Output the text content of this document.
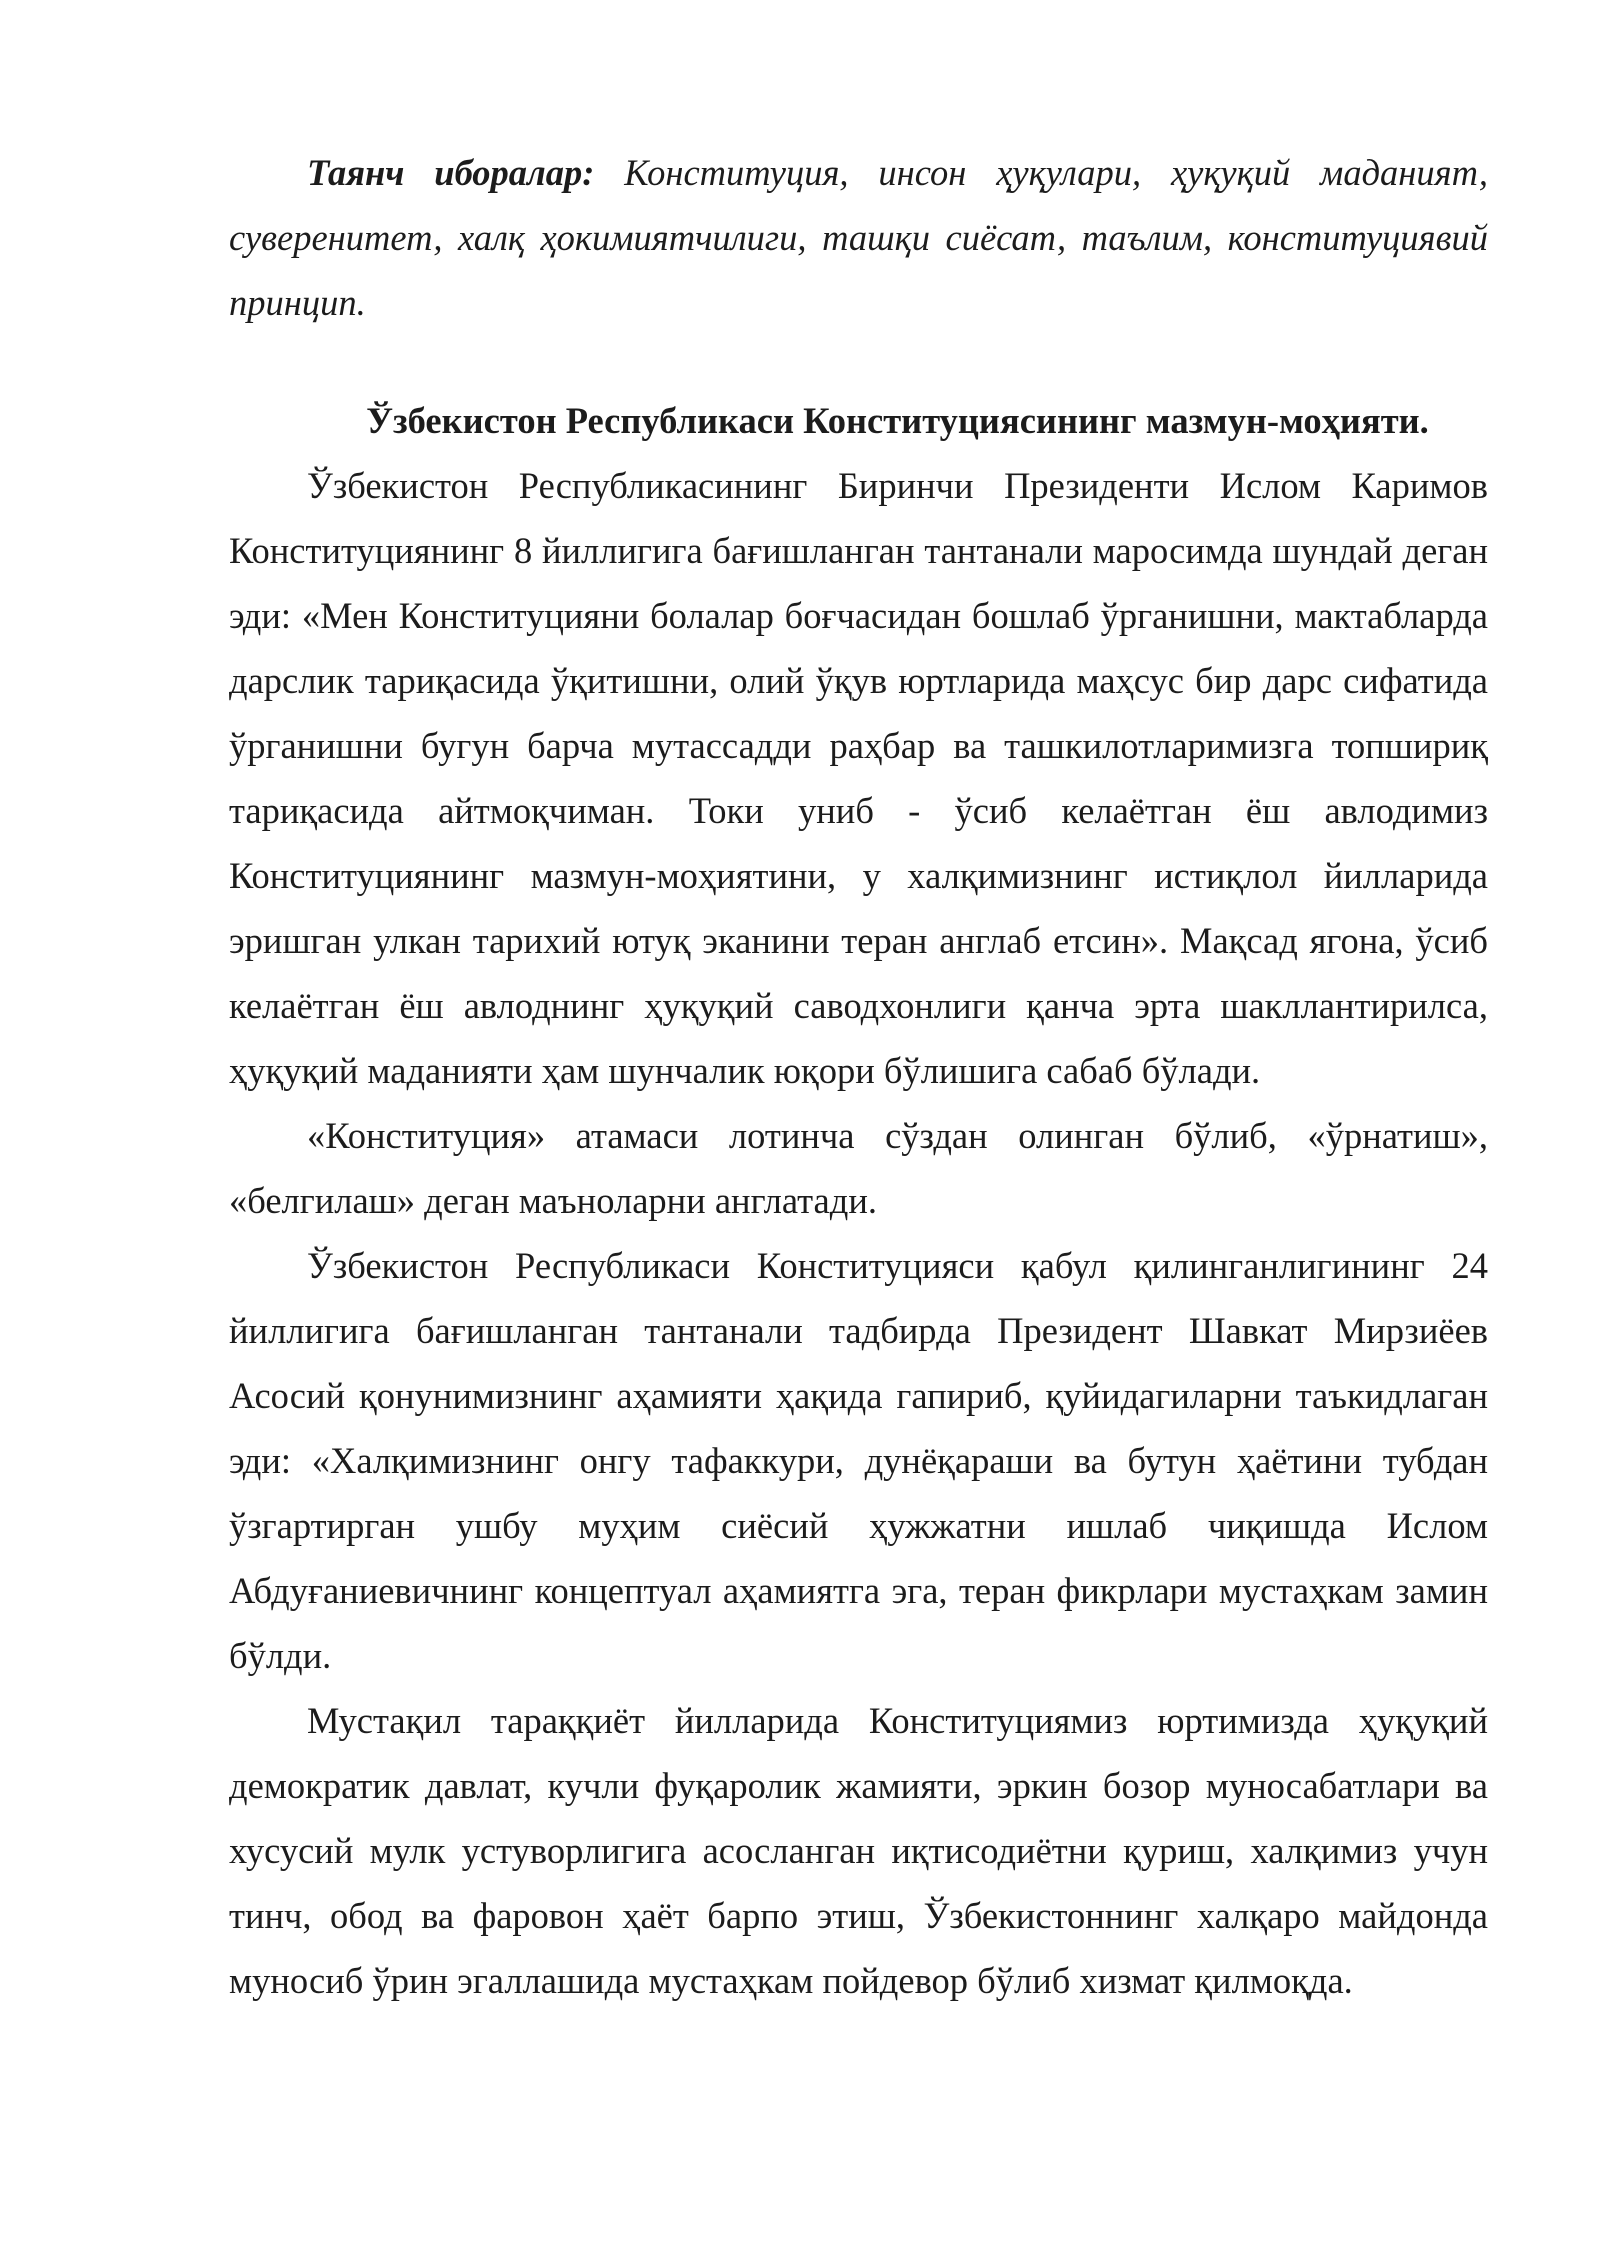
Таянч иборалар: Конституция, инсон ҳуқулари, ҳуқуқий маданият, суверенитет, халқ ҳокимиятчилиги, ташқи сиёсат, таълим, конституциявий принцип.

Ўзбекистон Республикаси Конституциясининг мазмун-моҳияти.

Ўзбекистон Республикасининг Биринчи Президенти Ислом Каримов Конституциянинг 8 йиллигига бағишланган тантанали маросимда шундай деган эди: «Мен Конституцияни болалар боғчасидан бошлаб ўрганишни, мактабларда дарслик тариқасида ўқитишни, олий ўқув юртларида маҳсус бир дарс сифатида ўрганишни бугун барча мутассадди раҳбар ва ташкилотларимизга топшириқ тариқасида айтмоқчиман. Токи униб - ўсиб келаётган ёш авлодимиз Конституциянинг мазмун-моҳиятини, у халқимизнинг истиқлол йилларида эришган улкан тарихий ютуқ эканини теран англаб етсин». Мақсад ягона, ўсиб келаётган ёш авлоднинг ҳуқуқий саводхонлиги қанча эрта шакллантирилса, ҳуқуқий маданияти ҳам шунчалик юқори бўлишига сабаб бўлади.

«Конституция» атамаси лотинча сўздан олинган бўлиб, «ўрнатиш», «белгилаш» деган маъноларни англатади.

Ўзбекистон Республикаси Конституцияси қабул қилинганлигининг 24 йиллигига бағишланган тантанали тадбирда Президент Шавкат Мирзиёев Асосий қонунимизнинг аҳамияти ҳақида гапириб, қуйидагиларни таъкидлаган эди: «Халқимизнинг онгу тафаккури, дунёқараши ва бутун ҳаётини тубдан ўзгартирган ушбу муҳим сиёсий ҳужжатни ишлаб чиқишда Ислом Абдуғаниевичнинг концептуал аҳамиятга эга, теран фикрлари мустаҳкам замин бўлди.

Мустақил тараққиёт йилларида Конституциямиз юртимизда ҳуқуқий демократик давлат, кучли фуқаролик жамияти, эркин бозор муносабатлари ва хусусий мулк устуворлигига асосланган иқтисодиётни қуриш, халқимиз учун тинч, обод ва фаровон ҳаёт барпо этиш, Ўзбекистоннинг халқаро майдонда муносиб ўрин эгаллашида мустаҳкам пойдевор бўлиб хизмат қилмоқда.
